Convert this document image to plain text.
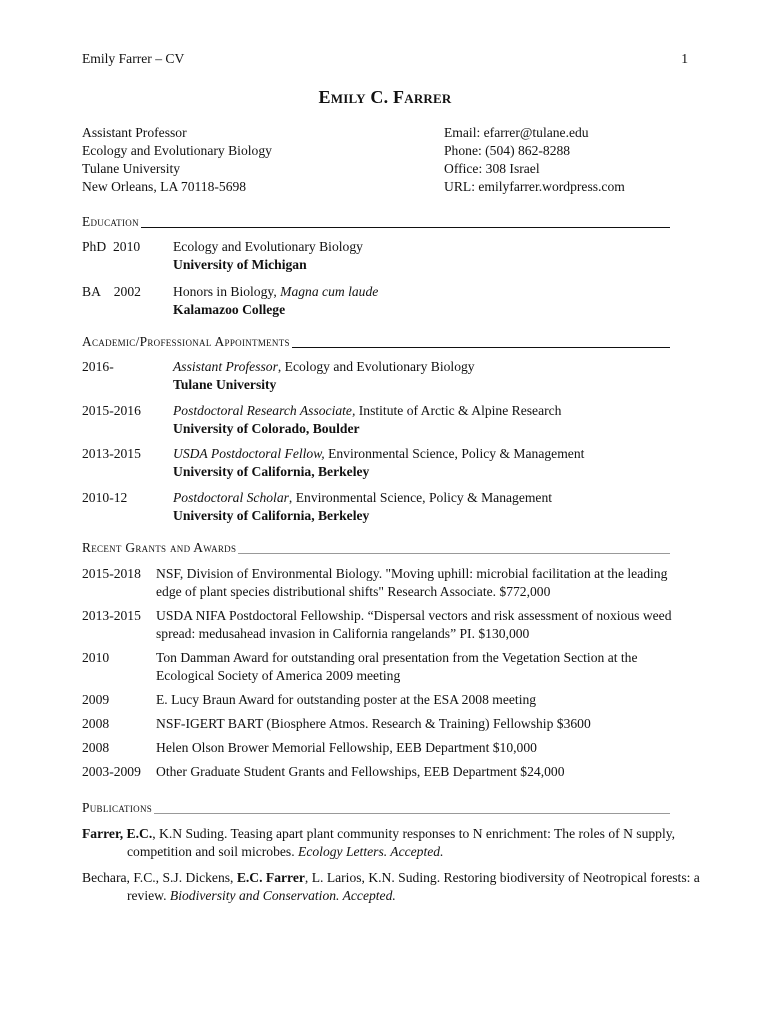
Emily Farrer – CV	1
Emily C. Farrer
Assistant Professor
Ecology and Evolutionary Biology
Tulane University
New Orleans, LA 70118-5698
Email: efarrer@tulane.edu
Phone: (504) 862-8288
Office: 308 Israel
URL: emilyfarrer.wordpress.com
Education
PhD  2010	Ecology and Evolutionary Biology
University of Michigan
BA    2002	Honors in Biology, Magna cum laude
Kalamazoo College
Academic/Professional Appointments
2016-	Assistant Professor, Ecology and Evolutionary Biology
Tulane University
2015-2016	Postdoctoral Research Associate, Institute of Arctic & Alpine Research
University of Colorado, Boulder
2013-2015	USDA Postdoctoral Fellow, Environmental Science, Policy & Management
University of California, Berkeley
2010-12	Postdoctoral Scholar, Environmental Science, Policy & Management
University of California, Berkeley
Recent Grants and Awards
2015-2018	NSF, Division of Environmental Biology. "Moving uphill: microbial facilitation at the leading edge of plant species distributional shifts" Research Associate. $772,000
2013-2015	USDA NIFA Postdoctoral Fellowship. “Dispersal vectors and risk assessment of noxious weed spread: medusahead invasion in California rangelands” PI. $130,000
2010	Ton Damman Award for outstanding oral presentation from the Vegetation Section at the Ecological Society of America 2009 meeting
2009	E. Lucy Braun Award for outstanding poster at the ESA 2008 meeting
2008	NSF-IGERT BART (Biosphere Atmos. Research & Training) Fellowship $3600
2008	Helen Olson Brower Memorial Fellowship, EEB Department $10,000
2003-2009	Other Graduate Student Grants and Fellowships, EEB Department $24,000
Publications
Farrer, E.C., K.N Suding. Teasing apart plant community responses to N enrichment: The roles of N supply, competition and soil microbes. Ecology Letters. Accepted.
Bechara, F.C., S.J. Dickens, E.C. Farrer, L. Larios, K.N. Suding. Restoring biodiversity of Neotropical forests: a review. Biodiversity and Conservation. Accepted.
